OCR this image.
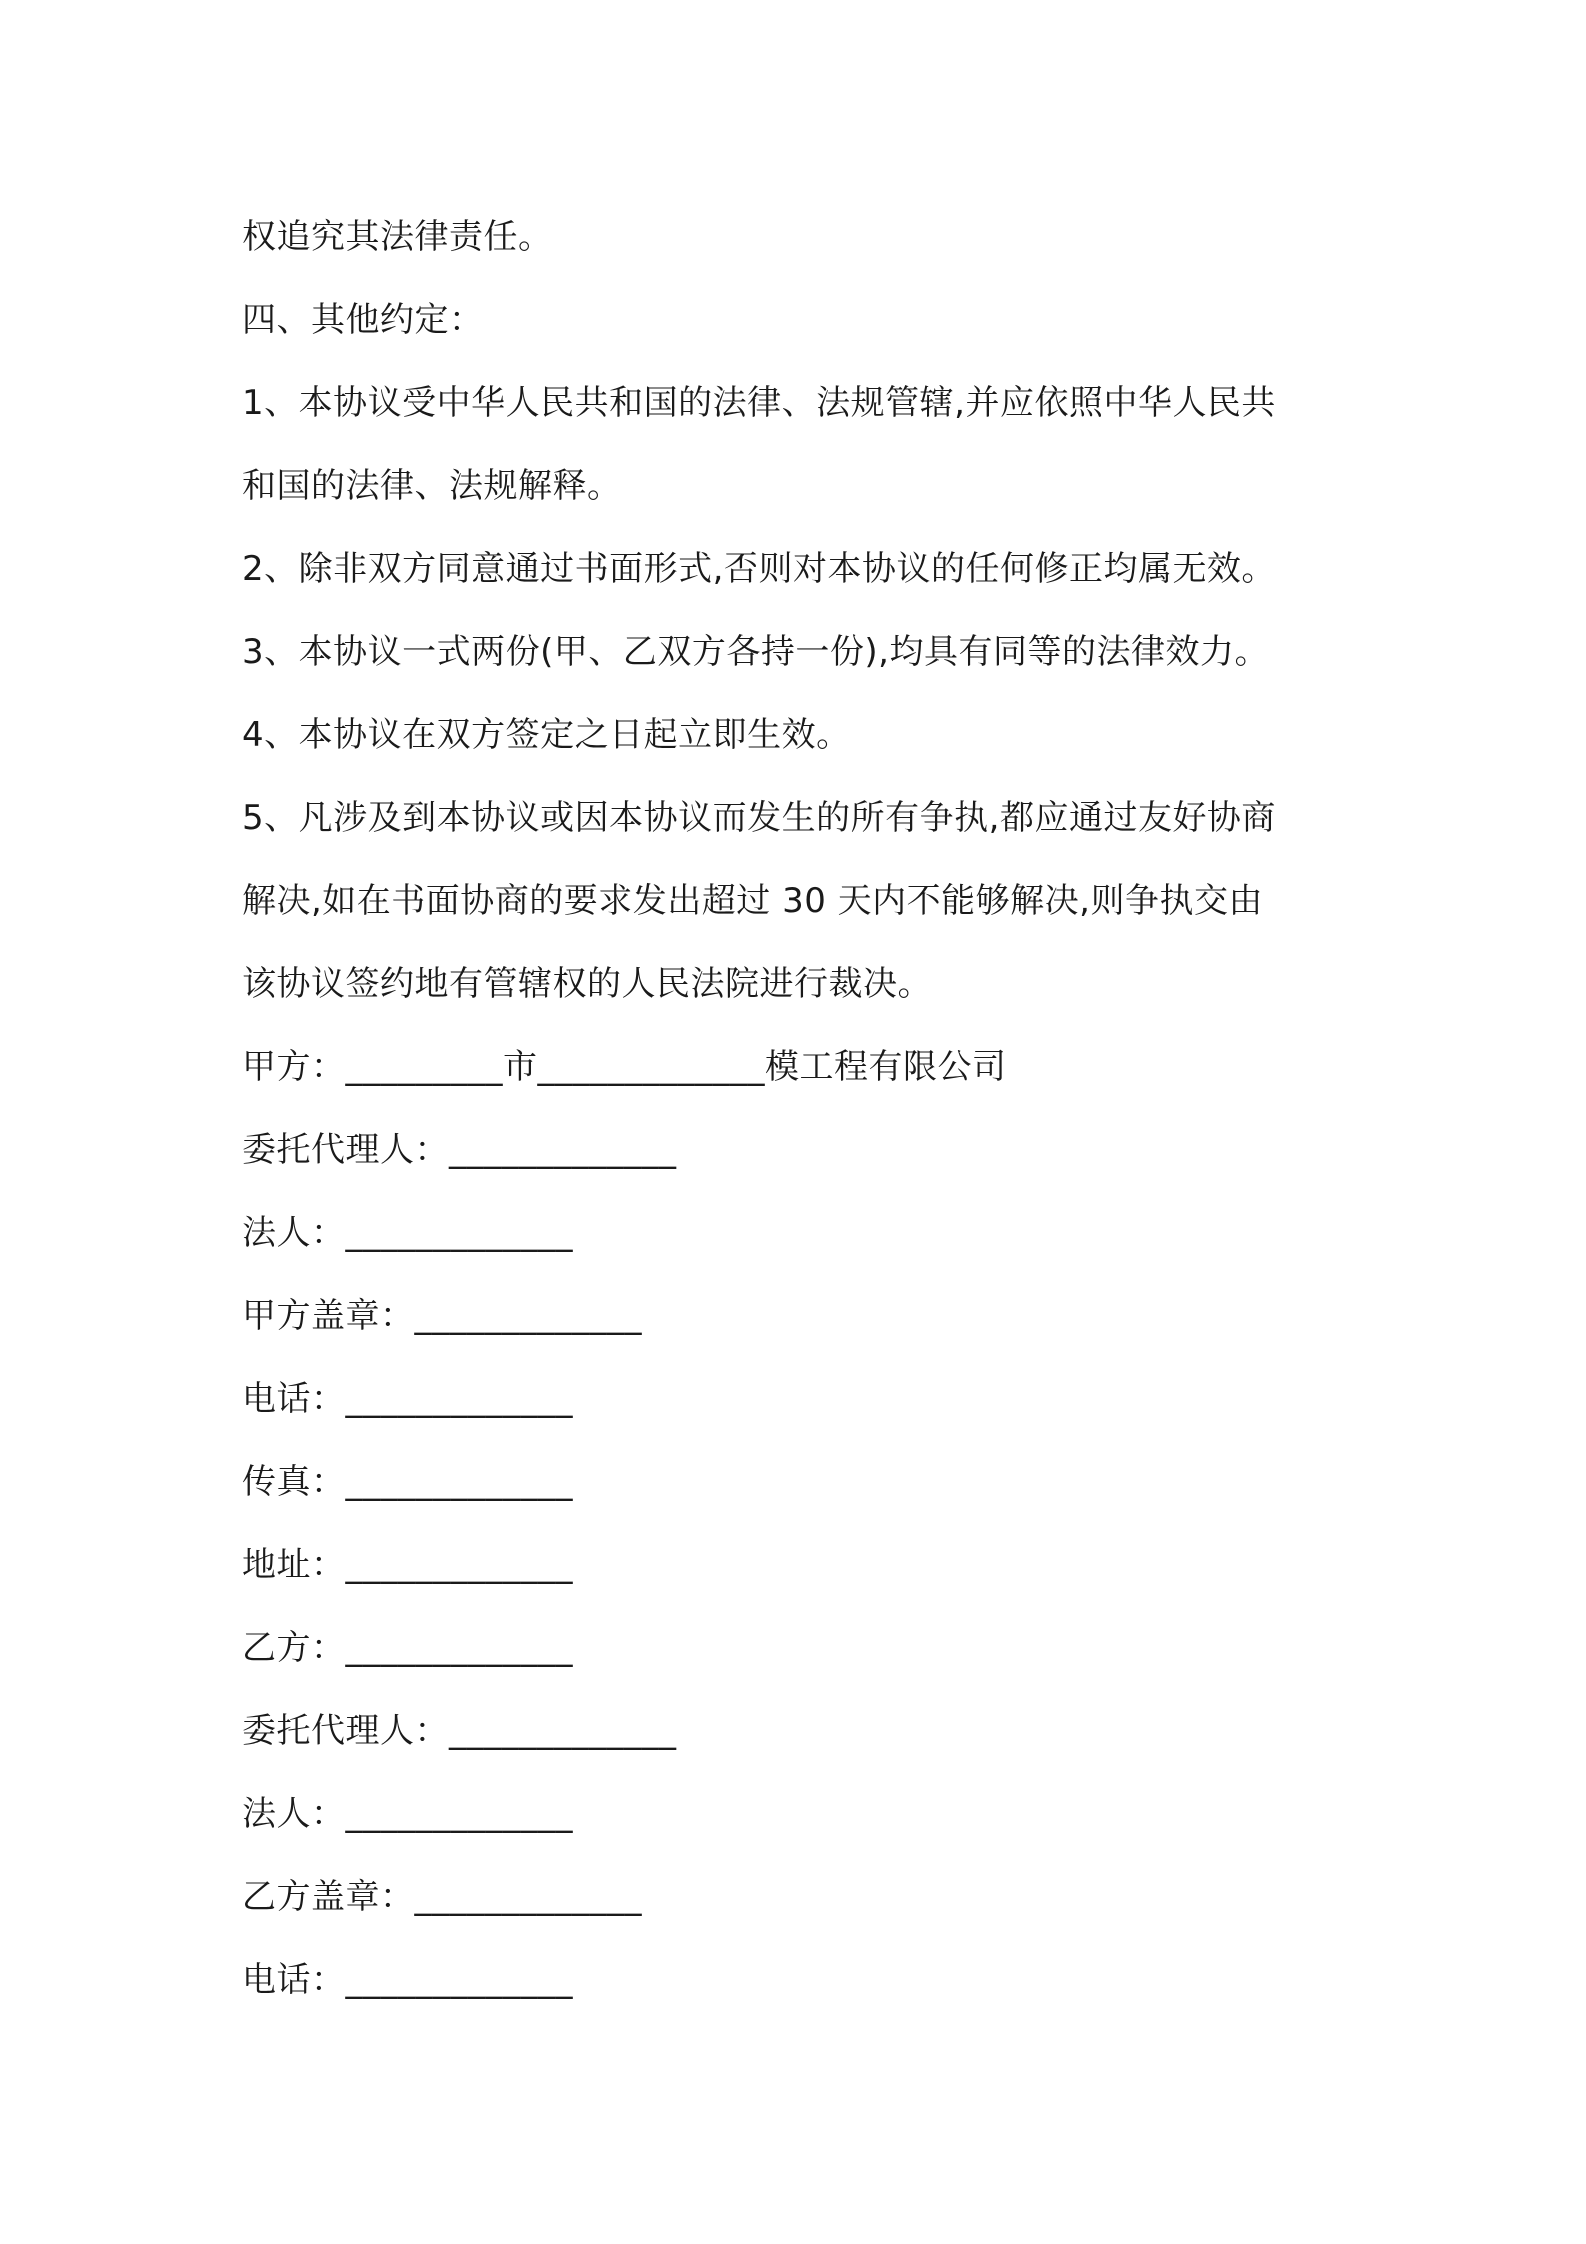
权追究其法律责任。
四、其他约定：
1、本协议受中华人民共和国的法律、法规管辖,并应依照中华人民共
和国的法律、法规解释。
2、除非双方同意通过书面形式,否则对本协议的任何修正均属无效。
3、本协议一式两份(甲、乙双方各持一份),均具有同等的法律效力。
4、本协议在双方签定之日起立即生效。
5、凡涉及到本协议或因本协议而发生的所有争执,都应通过友好协商
解决,如在书面协商的要求发出超过 30 天内不能够解决,则争执交由
该协议签约地有管辖权的人民法院进行裁决。
甲方：_________市_____________模工程有限公司
委托代理人：_____________
法人：_____________
甲方盖章：_____________
电话：_____________
传真：_____________
地址：_____________
乙方：_____________
委托代理人：_____________
法人：_____________
乙方盖章：_____________
电话：_____________
